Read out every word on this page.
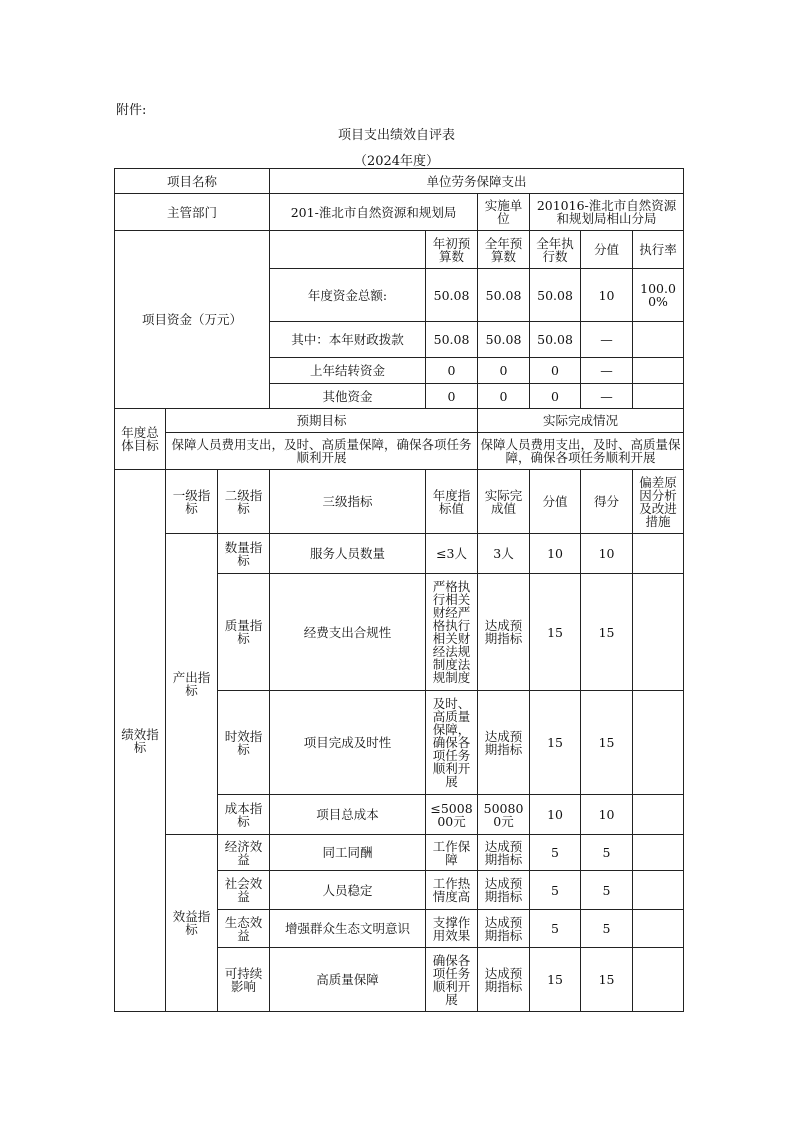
附件:
项目支出绩效自评表
（2024年度）
项目名称			单位劳务保障支出						
主管部门			201-淮北市自然资源和规划局		实施单位	201016-淮北市自然资源和规划局相山分局			
项目资金（万元）				年初预算数	全年预算数	全年执行数	分值	执行率	
			年度资金总额:	50.08	50.08	50.08	10	100.00%	
			其中：本年财政拨款	50.08	50.08	50.08	—		
			上年结转资金	0	0	0	—		
			其他资金	0	0	0	—		
年度总体目标	预期目标				实际完成情况				
	保障人员费用支出，及时、高质量保障，确保各项任务顺利开展				保障人员费用支出，及时、高质量保障，确保各项任务顺利开展				
绩效指标	一级指标	二级指标	三级指标	年度指标值	实际完成值	分值	得分	偏差原因分析及改进措施	
	产出指标	数量指标	服务人员数量	≤3人	3人	10	10		
		质量指标	经费支出合规性	严格执行相关财经严格执行相关财经法规制度法规制度	达成预期指标	15	15		
		时效指标	项目完成及时性	及时、高质量保障，确保各项任务顺利开展	达成预期指标	15	15		
		成本指标	项目总成本	≤500800元	500800元	10	10		
	效益指标	经济效益	同工同酬	工作保障	达成预期指标	5	5		
		社会效益	人员稳定	工作热情度高	达成预期指标	5	5		
		生态效益	增强群众生态文明意识	支撑作用效果	达成预期指标	5	5		
		可持续影响	高质量保障	确保各项任务顺利开展	达成预期指标	15	15		
